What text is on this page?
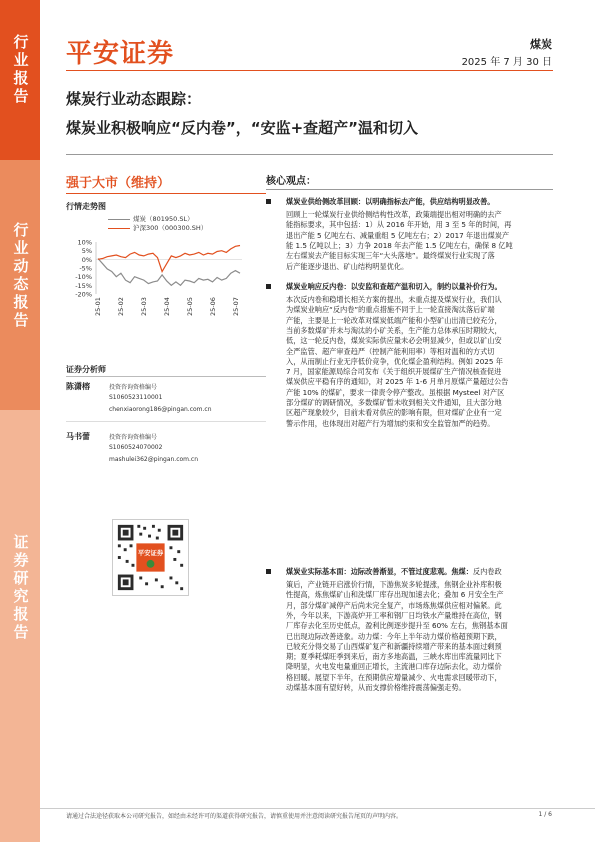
行业报告
行业动态报告
证券研究报告
平安证券	煤炭
2025 年 7 月 30 日
煤炭行业动态跟踪：
煤炭业积极响应“反内卷”，“安监+查超产”温和切入
强于大市（维持）
行情走势图
10%
5%
0%
-5%
-10%
-15%
-20%
25-01 25-02 25-03 25-04 25-05 25-06 25-07
证券分析师
陈潇榕	投资咨询资格编号
S1060523110001
chenxiaorong186@pingan.com.cn
马书蕾	投资咨询资格编号
S1060524070002
mashulei362@pingan.com.cn
平安证券
核心观点：
煤炭业供给侧改革回顾：以明确指标去产能，供应结构明显改善。
回顾上一轮煤炭行业供给侧结构性改革，政策端提出相对明确的去产
能指标要求，其中包括：1）从 2016 年开始，用 3 至 5 年的时间，再
退出产能 5 亿吨左右、减量重组 5 亿吨左右；2）2017 年退出煤炭产
能 1.5 亿吨以上；3）力争 2018 年去产能 1.5 亿吨左右，确保 8 亿吨
左右煤炭去产能目标实现三年“大头落地”。最终煤炭行业实现了落
后产能逐步退出、矿山结构明显优化。
煤炭业响应反内卷：以安监和查超产温和切入，制约以量补价行为。
本次反内卷和稳增长相关方案的提出，未重点提及煤炭行业，我们认
为煤炭业响应“反内卷”的重点措施不同于上一轮直接淘汰落后矿端
产能，主要是上一轮改革对煤炭低端产能和小型矿山出清已较充分，
当前多数煤矿并未与淘汰的小矿关系，生产能力总体承压时期较大，
低，这一轮反内卷，煤炭实际供应量未必会明显减少，但或以矿山安
全严监管、超产审查趋严（控制产能利用率）等相对温和的方式切
入，从而制止行业无序低价竞争，优化煤企盈利结构。例如 2025 年
7 月，国家能源局综合司发布《关于组织开展煤矿生产情况核查促进
煤炭供应平稳有序的通知》，对 2025 年 1-6 月单月原煤产量超过公告
产能 10% 的煤矿，要求一律责令停产整改。虽根据 Mysteel 对产区
部分煤矿的调研情况，多数煤矿暂未收到相关文件通知，且大部分地
区超产现象较少，目前未看对供应的影响有限，但对煤矿企业有一定
警示作用，也体现出对超产行为增加约束和安全监管加严的趋势。
煤炭业实际基本面：边际改善渐显，不管过度悲观。焦煤：反内卷政
策后，产业链开启涨价行情，下游焦炭多轮提涨，焦钢企业补库积极
性提高，炼焦煤矿山和洗煤厂库存出现加速去化；叠加 6 月安全生产
月，部分煤矿减停产后尚未完全复产，市场炼焦煤供应相对偏紧。此
外，今年以来，下游高炉开工率和钢厂日均铁水产量维持在高位，钢
厂库存去化至历史低点，盈利比例逐步提升至 60% 左右，焦钢基本面
已出现边际改善迹象。动力煤：今年上半年动力煤价格超预期下跌，
已较充分得交易了山西煤矿复产和新疆持续增产带来的基本面过剩预
期；夏季耗煤旺季到来后，南方多地高温，三峡水库出库流量同比下
降明显，火电发电量重回正增长，主流港口库存边际去化，动力煤价
格回暖。展望下半年，在预期供应增量减少、火电需求回暖带动下，
动煤基本面有望好转，从而支撑价格维持震荡偏强走势。
请通过合法途径获取本公司研究报告，如经由未经许可的渠道获得研究报告，请慎重使用并注意阅读研究报告尾页的声明内容。	1 / 6
煤炭（801950.SL）
沪深300（000300.SH）
